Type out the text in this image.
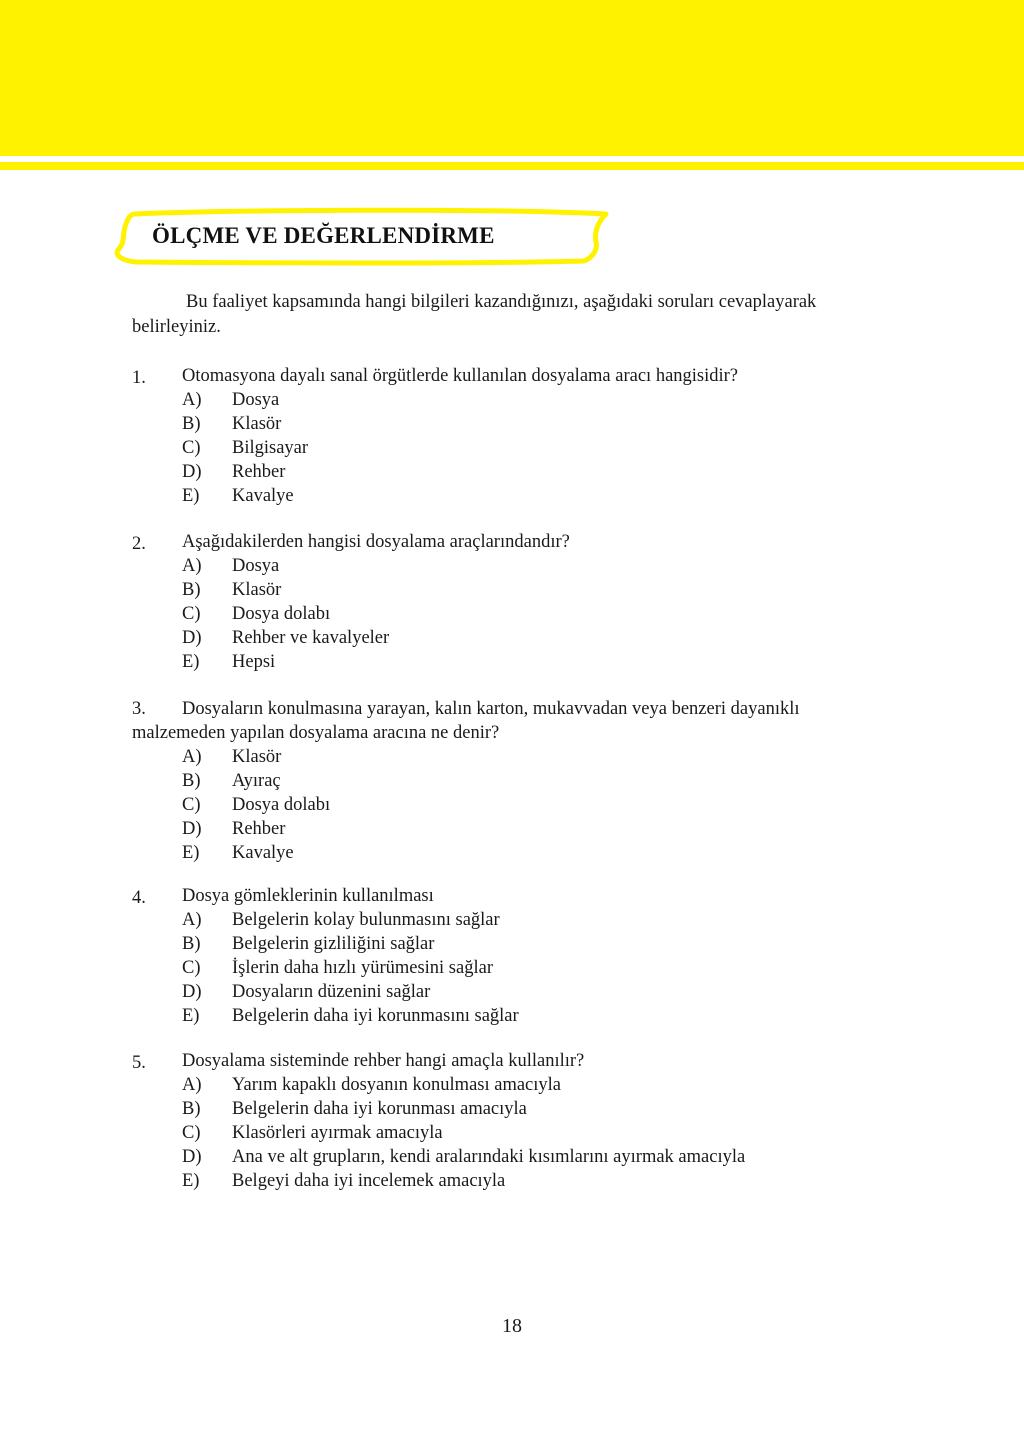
ÖLÇME VE DEĞERLENDİRME
Bu faaliyet kapsamında hangi bilgileri kazandığınızı, aşağıdaki soruları cevaplayarak
belirleyiniz.
1. Otomasyona dayalı sanal örgütlerde kullanılan dosyalama aracı hangisidir?
A) Dosya
B) Klasör
C) Bilgisayar
D) Rehber
E) Kavalye
2. Aşağıdakilerden hangisi dosyalama araçlarındandır?
A) Dosya
B) Klasör
C) Dosya dolabı
D) Rehber ve kavalyeler
E) Hepsi
3. Dosyaların konulmasına yarayan, kalın karton, mukavvadan veya benzeri dayanıklı malzemeden yapılan dosyalama aracına ne denir?
A) Klasör
B) Ayıraç
C) Dosya dolabı
D) Rehber
E) Kavalye
4. Dosya gömleklerinin kullanılması
A) Belgelerin kolay bulunmasını sağlar
B) Belgelerin gizliliğini sağlar
C) İşlerin daha hızlı yürümesini sağlar
D) Dosyaların düzenini sağlar
E) Belgelerin daha iyi korunmasını sağlar
5. Dosyalama sisteminde rehber hangi amaçla kullanılır?
A) Yarım kapaklı dosyanın konulması amacıyla
B) Belgelerin daha iyi korunması amacıyla
C) Klasörleri ayırmak amacıyla
D) Ana ve alt grupların, kendi aralarındaki kısımlarını ayırmak amacıyla
E) Belgeyi daha iyi incelemek amacıyla
18
